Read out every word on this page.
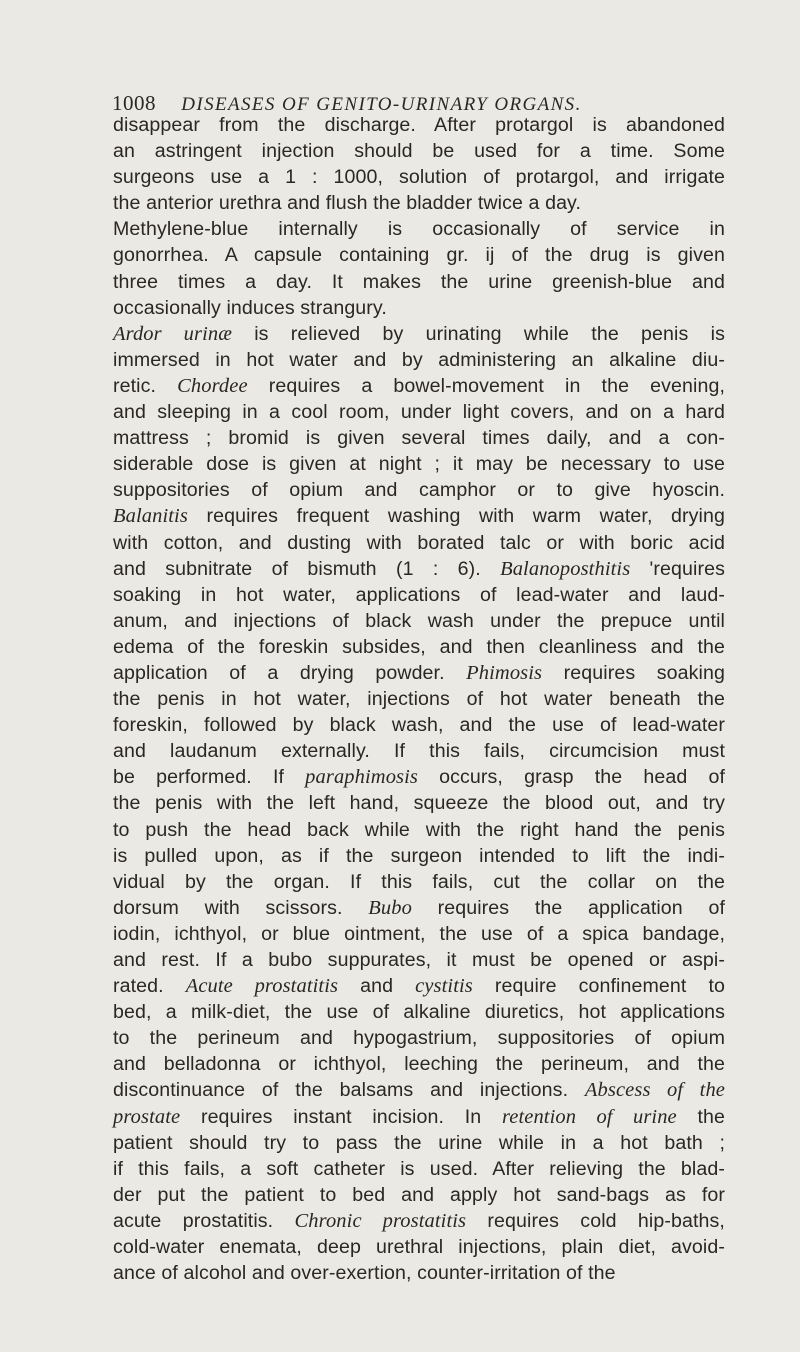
1008 DISEASES OF GENITO-URINARY ORGANS.
disappear from the discharge. After protargol is abandoned
an astringent injection should be used for a time. Some
surgeons use a 1 : 1000, solution of protargol, and irrigate
the anterior urethra and flush the bladder twice a day.
Methylene-blue internally is occasionally of service in
gonorrhea. A capsule containing gr. ij of the drug is given
three times a day. It makes the urine greenish-blue and
occasionally induces strangury.
Ardor urinæ is relieved by urinating while the penis is
immersed in hot water and by administering an alkaline diu-
retic. Chordee requires a bowel-movement in the evening,
and sleeping in a cool room, under light covers, and on a hard
mattress ; bromid is given several times daily, and a con-
siderable dose is given at night ; it may be necessary to use
suppositories of opium and camphor or to give hyoscin.
Balanitis requires frequent washing with warm water, drying
with cotton, and dusting with borated talc or with boric acid
and subnitrate of bismuth (1 : 6). Balanoposthitis 'requires
soaking in hot water, applications of lead-water and laud-
anum, and injections of black wash under the prepuce until
edema of the foreskin subsides, and then cleanliness and the
application of a drying powder. Phimosis requires soaking
the penis in hot water, injections of hot water beneath the
foreskin, followed by black wash, and the use of lead-water
and laudanum externally. If this fails, circumcision must
be performed. If paraphimosis occurs, grasp the head of
the penis with the left hand, squeeze the blood out, and try
to push the head back while with the right hand the penis
is pulled upon, as if the surgeon intended to lift the indi-
vidual by the organ. If this fails, cut the collar on the
dorsum with scissors. Bubo requires the application of
iodin, ichthyol, or blue ointment, the use of a spica bandage,
and rest. If a bubo suppurates, it must be opened or aspi-
rated. Acute prostatitis and cystitis require confinement to
bed, a milk-diet, the use of alkaline diuretics, hot applications
to the perineum and hypogastrium, suppositories of opium
and belladonna or ichthyol, leeching the perineum, and the
discontinuance of the balsams and injections. Abscess of the
prostate requires instant incision. In retention of urine the
patient should try to pass the urine while in a hot bath ;
if this fails, a soft catheter is used. After relieving the blad-
der put the patient to bed and apply hot sand-bags as for
acute prostatitis. Chronic prostatitis requires cold hip-baths,
cold-water enemata, deep urethral injections, plain diet, avoid-
ance of alcohol and over-exertion, counter-irritation of the
